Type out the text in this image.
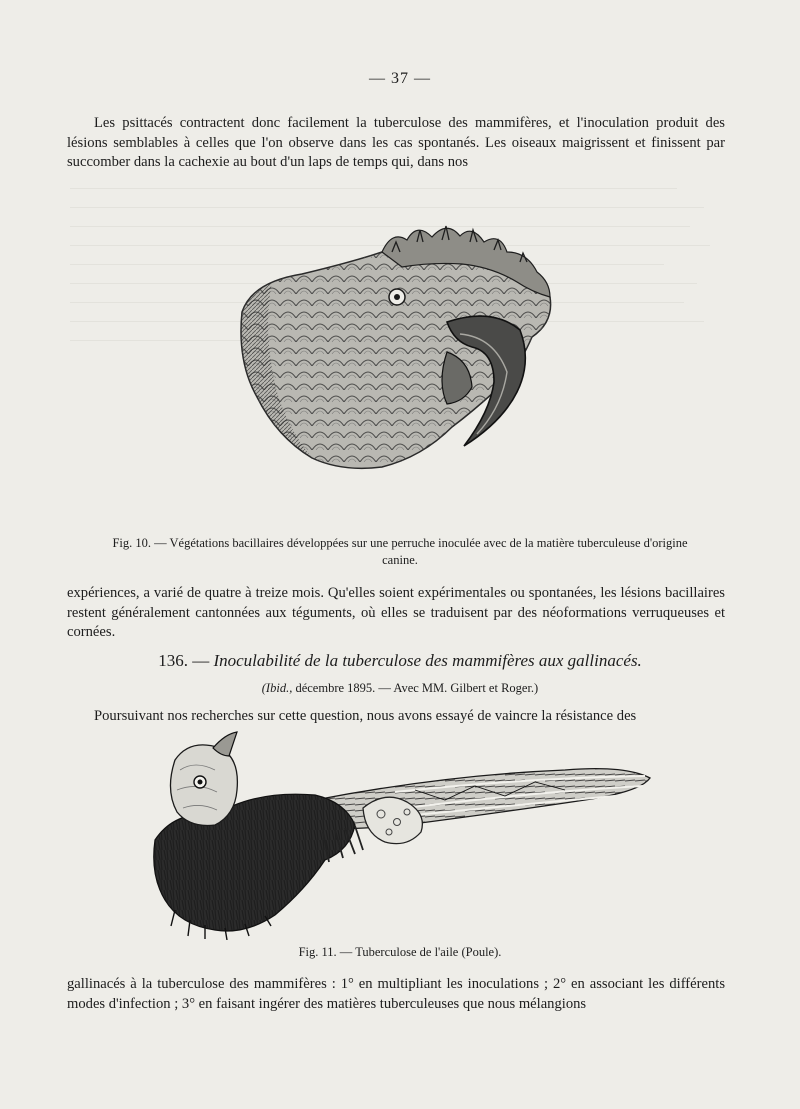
— 37 —

Les psittacés contractent donc facilement la tuberculose des mammifères, et l'inoculation produit des lésions semblables à celles que l'on observe dans les cas spontanés. Les oiseaux maigrissent et finissent par succomber dans la cachexie au bout d'un laps de temps qui, dans nos

Fig. 10. — Végétations bacillaires développées sur une perruche inoculée avec de la matière tuberculeuse d'origine canine.

expériences, a varié de quatre à treize mois. Qu'elles soient expérimentales ou spontanées, les lésions bacillaires restent généralement cantonnées aux téguments, où elles se traduisent par des néoformations verruqueuses et cornées.

136. — Inoculabilité de la tuberculose des mammifères aux gallinacés.
(Ibid., décembre 1895. — Avec MM. Gilbert et Roger.)

Poursuivant nos recherches sur cette question, nous avons essayé de vaincre la résistance des

Fig. 11. — Tuberculose de l'aile (Poule).

gallinacés à la tuberculose des mammifères : 1° en multipliant les inoculations ; 2° en associant les différents modes d'infection ; 3° en faisant ingérer des matières tuberculeuses que nous mélangions
